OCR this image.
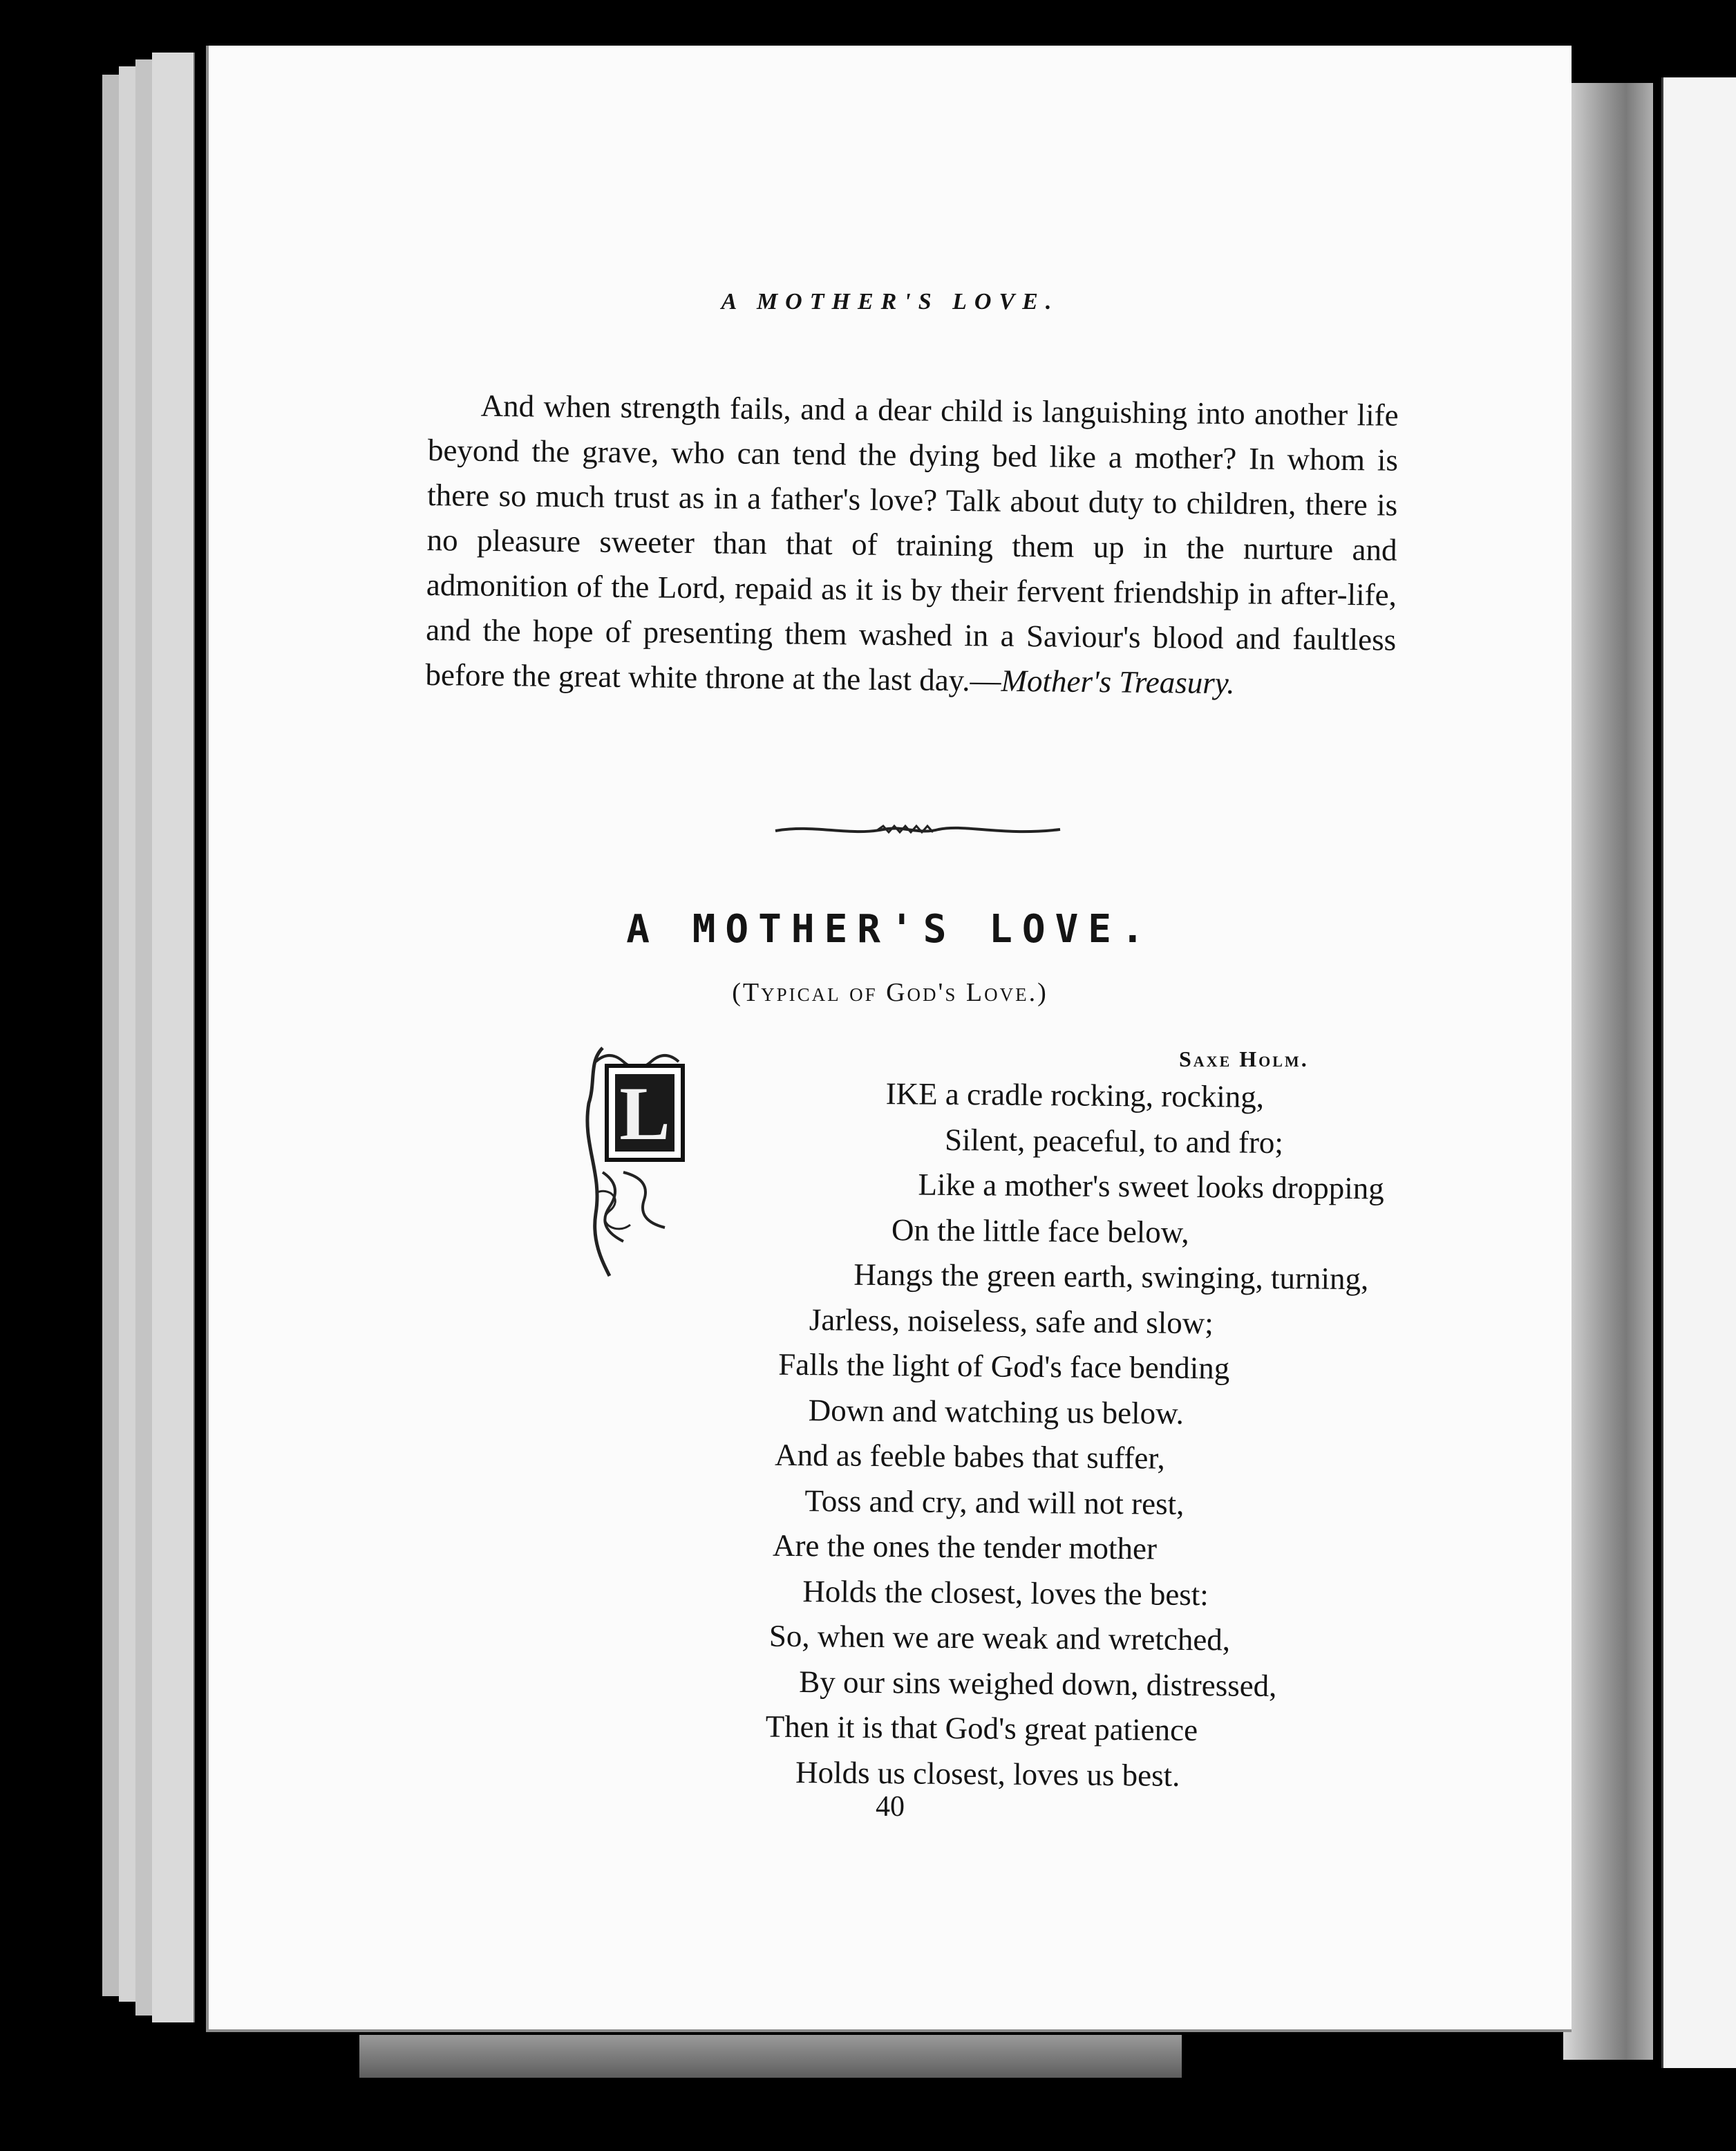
A MOTHER'S LOVE.

And when strength fails, and a dear child is languishing into another life beyond the grave, who can tend the dying bed like a mother? In whom is there so much trust as in a father's love? Talk about duty to children, there is no pleasure sweeter than that of training them up in the nurture and admonition of the Lord, repaid as it is by their fervent friendship in after-life, and the hope of presenting them washed in a Saviour's blood and faultless before the great white throne at the last day.—Mother's Treasury.

A MOTHER'S LOVE.
(Typical of God's Love.)
Saxe Holm.
L	IKE a cradle rocking, rocking,
Silent, peaceful, to and fro;
Like a mother's sweet looks dropping
On the little face below,
Hangs the green earth, swinging, turning,
Jarless, noiseless, safe and slow;
Falls the light of God's face bending
Down and watching us below.
And as feeble babes that suffer,
Toss and cry, and will not rest,
Are the ones the tender mother
Holds the closest, loves the best:
So, when we are weak and wretched,
By our sins weighed down, distressed,
Then it is that God's great patience
Holds us closest, loves us best.
40
